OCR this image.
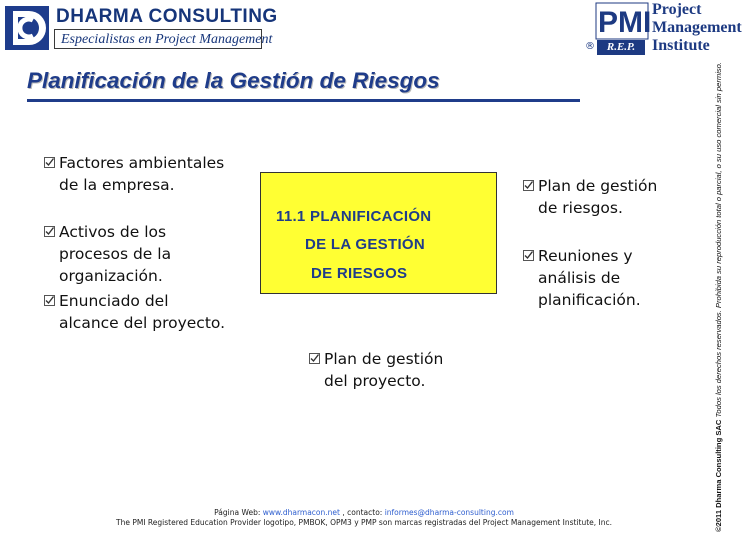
DHARMA CONSULTING
Especialistas en Project Management
PMI Project
Management
Institute
®	R.E.P.
Planificación de la Gestión de Riesgos
Factores ambientales
de la empresa.
Activos de los
procesos de la
organización.
Enunciado del
alcance del proyecto.
11.1 PLANIFICACIÓN
DE LA GESTIÓN
DE RIESGOS
Plan de gestión
del proyecto.
Plan de gestión
de riesgos.
Reuniones y
análisis de
planificación.
©2011 Dharma Consulting SAC Todos los derechos reservados. Prohibida su reproducción total o parcial, o su uso comercial sin permiso.
Página Web: www.dharmacon.net , contacto: informes@dharma-consulting.com
The PMI Registered Education Provider logotipo, PMBOK, OPM3 y PMP son marcas registradas del Project Management Institute, Inc.
